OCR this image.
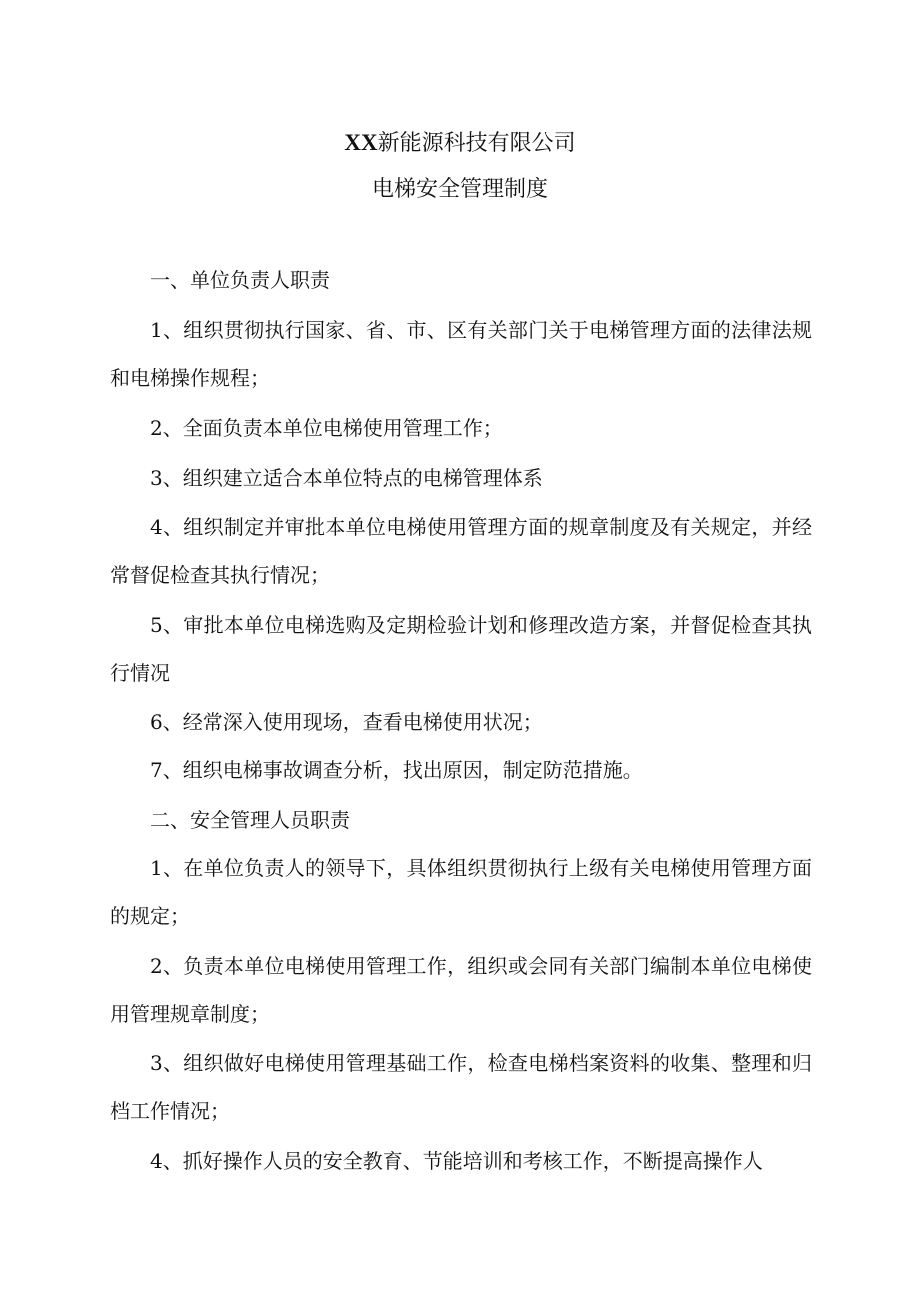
XX新能源科技有限公司
电梯安全管理制度
一、单位负责人职责
1、组织贯彻执行国家、省、市、区有关部门关于电梯管理方面的法律法规和电梯操作规程；
2、全面负责本单位电梯使用管理工作；
3、组织建立适合本单位特点的电梯管理体系
4、组织制定并审批本单位电梯使用管理方面的规章制度及有关规定，并经常督促检查其执行情况；
5、审批本单位电梯选购及定期检验计划和修理改造方案，并督促检查其执行情况
6、经常深入使用现场，查看电梯使用状况；
7、组织电梯事故调查分析，找出原因，制定防范措施。
二、安全管理人员职责
1、在单位负责人的领导下，具体组织贯彻执行上级有关电梯使用管理方面的规定；
2、负责本单位电梯使用管理工作，组织或会同有关部门编制本单位电梯使用管理规章制度；
3、组织做好电梯使用管理基础工作，检查电梯档案资料的收集、整理和归档工作情况；
4、抓好操作人员的安全教育、节能培训和考核工作，不断提高操作人
